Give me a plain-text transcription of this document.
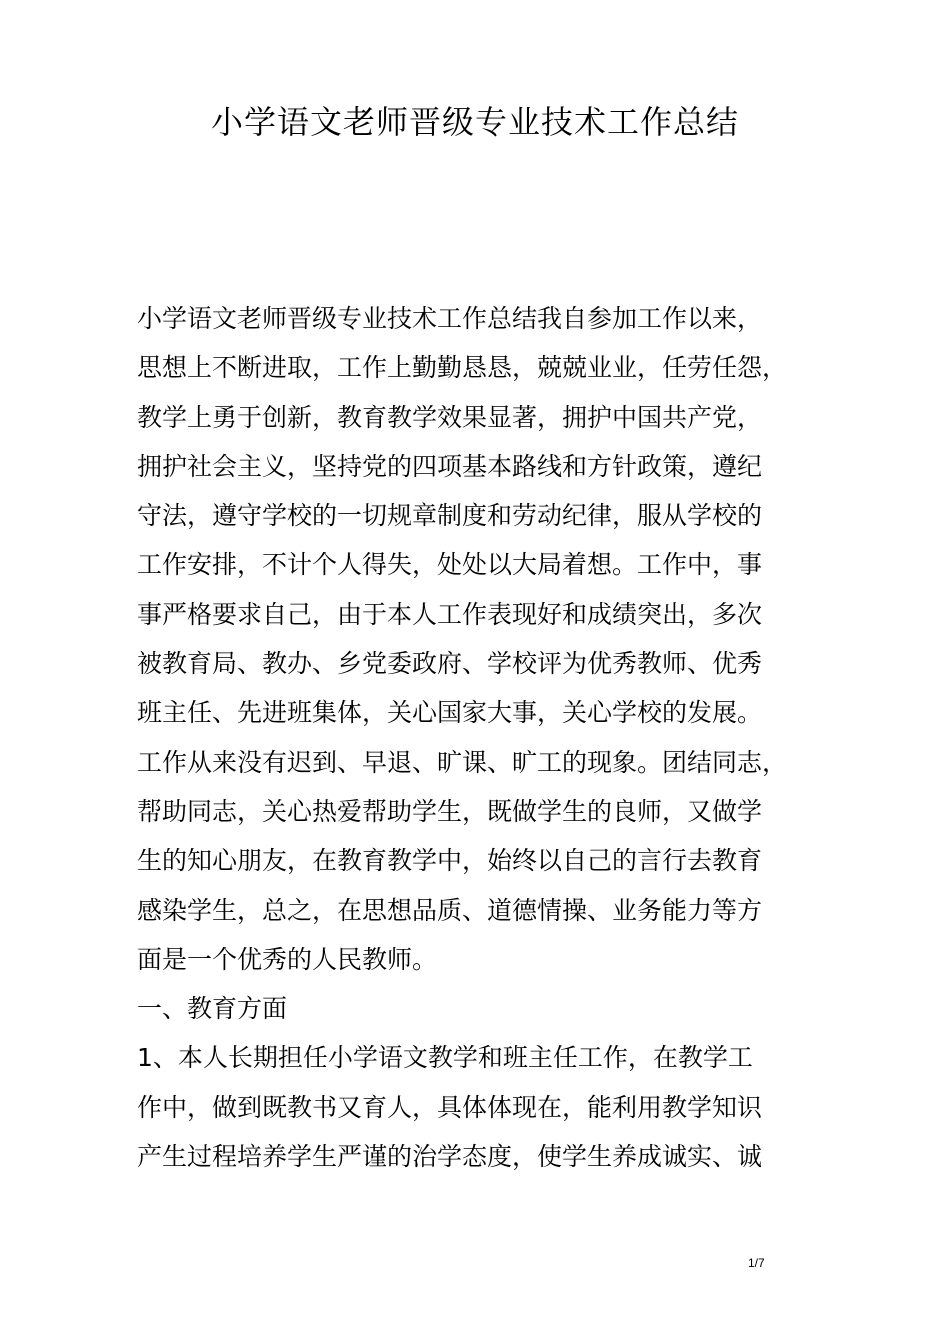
小学语文老师晋级专业技术工作总结
小学语文老师晋级专业技术工作总结我自参加工作以来，
思想上不断进取，工作上勤勤恳恳，兢兢业业，任劳任怨，
教学上勇于创新，教育教学效果显著，拥护中国共产党，
拥护社会主义，坚持党的四项基本路线和方针政策，遵纪
守法，遵守学校的一切规章制度和劳动纪律，服从学校的
工作安排，不计个人得失，处处以大局着想。工作中，事
事严格要求自己，由于本人工作表现好和成绩突出，多次
被教育局、教办、乡党委政府、学校评为优秀教师、优秀
班主任、先进班集体，关心国家大事，关心学校的发展。
工作从来没有迟到、早退、旷课、旷工的现象。团结同志，
帮助同志，关心热爱帮助学生，既做学生的良师，又做学
生的知心朋友，在教育教学中，始终以自己的言行去教育
感染学生，总之，在思想品质、道德情操、业务能力等方
面是一个优秀的人民教师。
一、教育方面
1、本人长期担任小学语文教学和班主任工作，在教学工
作中，做到既教书又育人，具体体现在，能利用教学知识
产生过程培养学生严谨的治学态度，使学生养成诚实、诚
1/7
